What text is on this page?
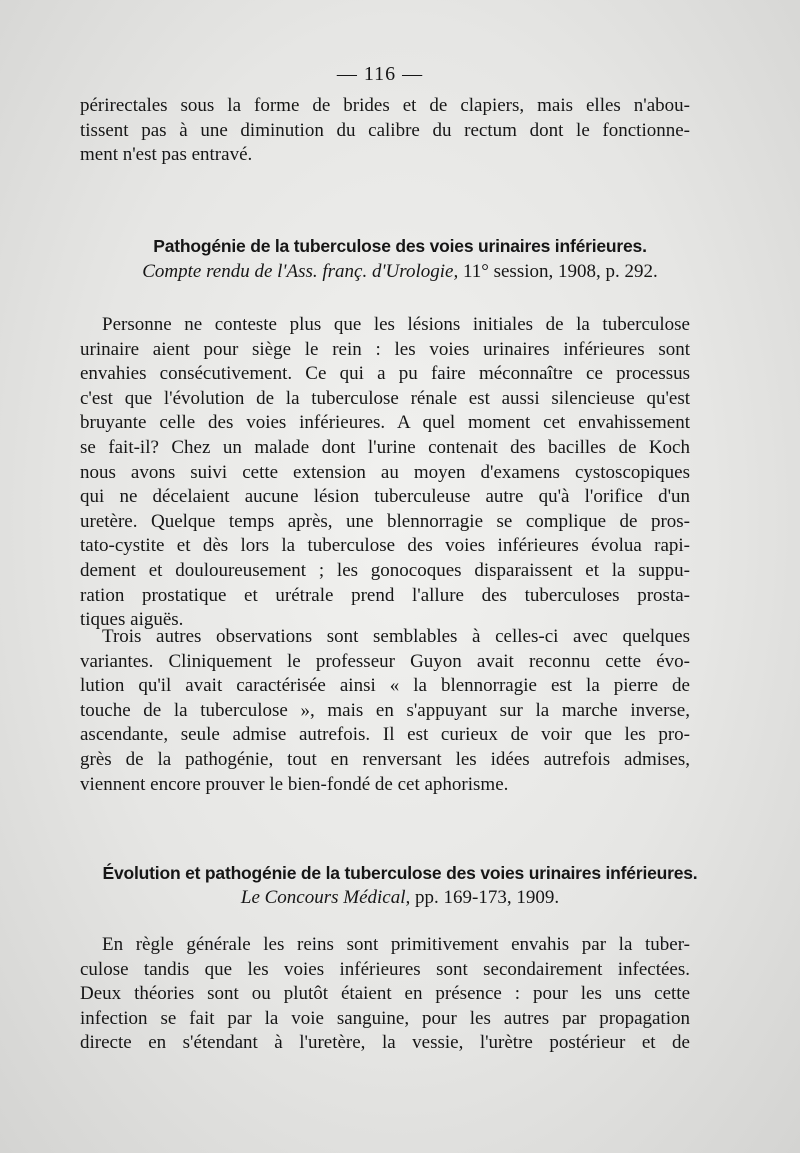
— 116 —
périrectales sous la forme de brides et de clapiers, mais elles n'abou-
tissent pas à une diminution du calibre du rectum dont le fonctionne-
ment n'est pas entravé.
Pathogénie de la tuberculose des voies urinaires inférieures.
Compte rendu de l'Ass. franç. d'Urologie, 11° session, 1908, p. 292.
Personne ne conteste plus que les lésions initiales de la tuberculose
urinaire aient pour siège le rein : les voies urinaires inférieures sont
envahies consécutivement. Ce qui a pu faire méconnaître ce processus
c'est que l'évolution de la tuberculose rénale est aussi silencieuse qu'est
bruyante celle des voies inférieures. A quel moment cet envahissement
se fait-il? Chez un malade dont l'urine contenait des bacilles de Koch
nous avons suivi cette extension au moyen d'examens cystoscopiques
qui ne décelaient aucune lésion tuberculeuse autre qu'à l'orifice d'un
uretère. Quelque temps après, une blennorragie se complique de pros-
tato-cystite et dès lors la tuberculose des voies inférieures évolua rapi-
dement et douloureusement ; les gonocoques disparaissent et la suppu-
ration prostatique et urétrale prend l'allure des tuberculoses prosta-
tiques aiguës.
Trois autres observations sont semblables à celles-ci avec quelques
variantes. Cliniquement le professeur Guyon avait reconnu cette évo-
lution qu'il avait caractérisée ainsi « la blennorragie est la pierre de
touche de la tuberculose », mais en s'appuyant sur la marche inverse,
ascendante, seule admise autrefois. Il est curieux de voir que les pro-
grès de la pathogénie, tout en renversant les idées autrefois admises,
viennent encore prouver le bien-fondé de cet aphorisme.
Évolution et pathogénie de la tuberculose des voies urinaires inférieures.
Le Concours Médical, pp. 169-173, 1909.
En règle générale les reins sont primitivement envahis par la tuber-
culose tandis que les voies inférieures sont secondairement infectées.
Deux théories sont ou plutôt étaient en présence : pour les uns cette
infection se fait par la voie sanguine, pour les autres par propagation
directe en s'étendant à l'uretère, la vessie, l'urètre postérieur et de
